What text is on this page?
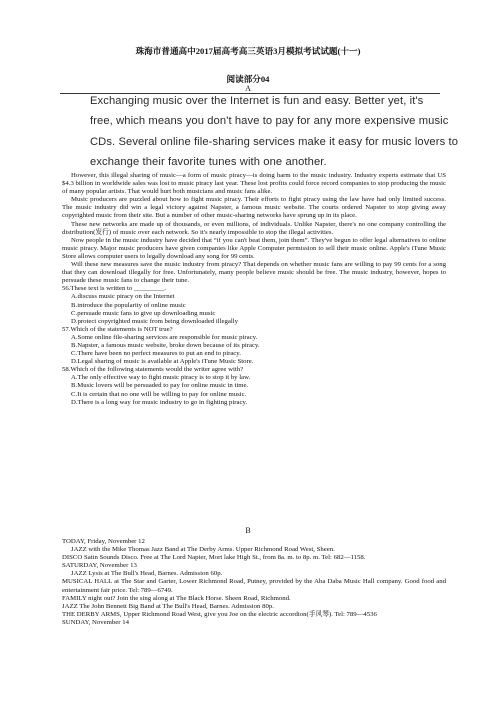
珠海市普通高中2017届高考高三英语3月模拟考试试题(十一)
阅读部分04
A
Exchanging music over the Internet is fun and easy. Better yet, it's
free, which means you don't have to pay for any more expensive music
CDs. Several online file-sharing services make it easy for music lovers to
exchange their favorite tunes with one another.

However, this illegal sharing of music—a form of music piracy—is doing harm to the music industry. Industry experts estimate that US $4.3 billion in worldwide sales was lost to music piracy last year. These lost profits could force record companies to stop producing the music of many popular artists. That would hurt both musicians and music fans alike.

Music producers are puzzled about how to fight music piracy. Their efforts to fight piracy using the law have had only limited success. The music industry did win a legal victory against Napster, a famous music website. The courts ordered Napster to stop giving away copyrighted music from their site. But a number of other music-sharing networks have sprung up in its place.

These new networks are made up of thousands, or even millions, of individuals. Unlike Napster, there's no one company controlling the distribution(发行) of music over each network. So it's nearly impossible to stop the illegal activities.

Now people in the music industry have decided that “if you can't beat them, join them”. They've begun to offer legal alternatives to online music piracy. Major music producers have given companies like Apple Computer permission to sell their music online. Apple's iTune Music Store allows computer users to legally download any song for 99 cents.

Will these new measures save the music industry from piracy? That depends on whether music fans are willing to pay 99 cents for a song that they can download illegally for free. Unfortunately, many people believe music should be free. The music industry, however, hopes to persuade these music fans to change their tune.

56.These text is written to _________.

A.discuss music piracy on the Internet

B.introduce the popularity of online music

C.persuade music fans to give up downloading music

D.protect copyrighted music from being downloaded illegally

57.Which of the statements is NOT true?

A.Some online file-sharing services are responsible for music piracy.

B.Napster, a famous music website, broke down because of its piracy.

C.There have been no perfect measures to put an end to piracy.

D.Legal sharing of music is available at Apple's iTune Music Store.

58.Which of the following statements would the writer agree with?

A.The only effective way to fight music piracy is to stop it by law.

B.Music lovers will be persuaded to pay for online music in time.

C.It is certain that no one will be willing to pay for online music.

D.There is a long way for music industry to go in fighting piracy.

B

TODAY, Friday, November 12

JAZZ with the Mike Thomas Jazz Band at The Derby Arms. Upper Richmond Road West, Sheen.

DISCO Satin Sounds Disco. Free at The Lord Napier, Mort lake High St., from 8a. m. to 8p. m. Tel: 682—1158.

SATURDAY, November 13

JAZZ Lysis at The Bull's Head, Barnes. Admission 60p.

MUSICAL HALL at The Star and Garter, Lower Richmond Road, Putney, provided by the Aba Daba Music Hall company. Good food and entertainment fair price. Tel: 789—6749.

FAMILY night out? Join the sing along at The Black Horse. Sheen Road, Richmond.

JAZZ The John Bennett Big Band at The Bull's Head, Barnes. Admission 80p.

THE DERBY ARMS, Upper Richmond Road West, give you Joe on the electric accordion(手风琴). Tel: 789—4536

SUNDAY, November 14
